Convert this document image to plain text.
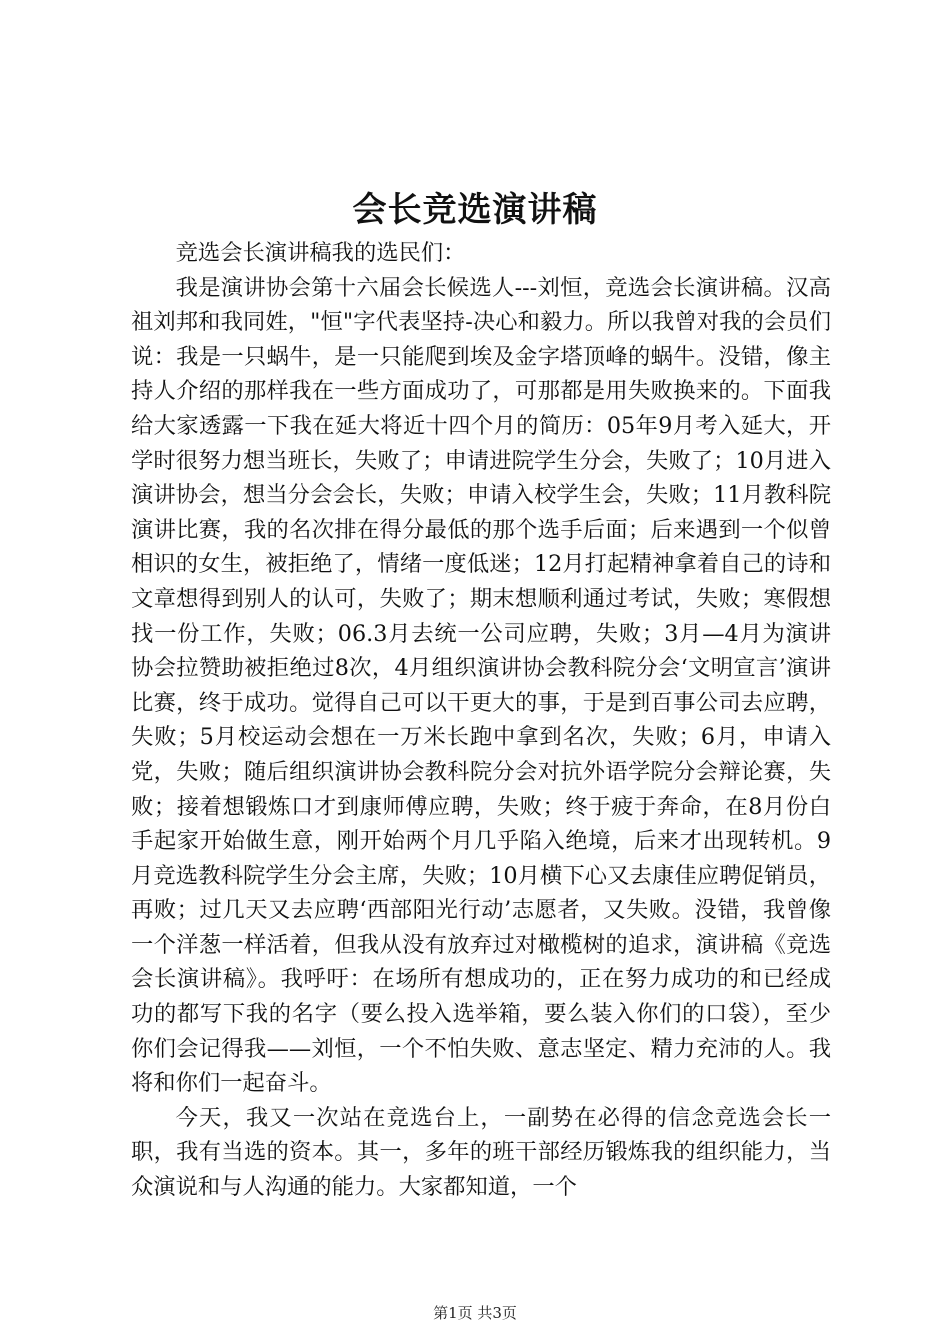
会长竞选演讲稿

竞选会长演讲稿我的选民们：

我是演讲协会第十六届会长候选人---刘恒，竞选会长演讲稿。汉高祖刘邦和我同姓，"恒"字代表坚持-决心和毅力。所以我曾对我的会员们说：我是一只蜗牛，是一只能爬到埃及金字塔顶峰的蜗牛。没错，像主持人介绍的那样我在一些方面成功了，可那都是用失败换来的。下面我给大家透露一下我在延大将近十四个月的简历：05年9月考入延大，开学时很努力想当班长，失败了；申请进院学生分会，失败了；10月进入演讲协会，想当分会会长，失败；申请入校学生会，失败；11月教科院演讲比赛，我的名次排在得分最低的那个选手后面；后来遇到一个似曾相识的女生，被拒绝了，情绪一度低迷；12月打起精神拿着自己的诗和文章想得到别人的认可，失败了；期末想顺利通过考试，失败；寒假想找一份工作，失败；06.3月去统一公司应聘，失败；3月—4月为演讲协会拉赞助被拒绝过8次，4月组织演讲协会教科院分会‘文明宣言’演讲比赛，终于成功。觉得自己可以干更大的事，于是到百事公司去应聘，失败；5月校运动会想在一万米长跑中拿到名次，失败；6月，申请入党，失败；随后组织演讲协会教科院分会对抗外语学院分会辩论赛，失败；接着想锻炼口才到康师傅应聘，失败；终于疲于奔命，在8月份白手起家开始做生意，刚开始两个月几乎陷入绝境，后来才出现转机。9月竞选教科院学生分会主席，失败；10月横下心又去康佳应聘促销员，再败；过几天又去应聘‘西部阳光行动’志愿者，又失败。没错，我曾像一个洋葱一样活着，但我从没有放弃过对橄榄树的追求，演讲稿《竞选会长演讲稿》。我呼吁：在场所有想成功的，正在努力成功的和已经成功的都写下我的名字（要么投入选举箱，要么装入你们的口袋），至少你们会记得我——刘恒，一个不怕失败、意志坚定、精力充沛的人。我将和你们一起奋斗。

今天，我又一次站在竞选台上，一副势在必得的信念竞选会长一职，我有当选的资本。其一，多年的班干部经历锻炼我的组织能力，当众演说和与人沟通的能力。大家都知道，一个

第1页 共3页
